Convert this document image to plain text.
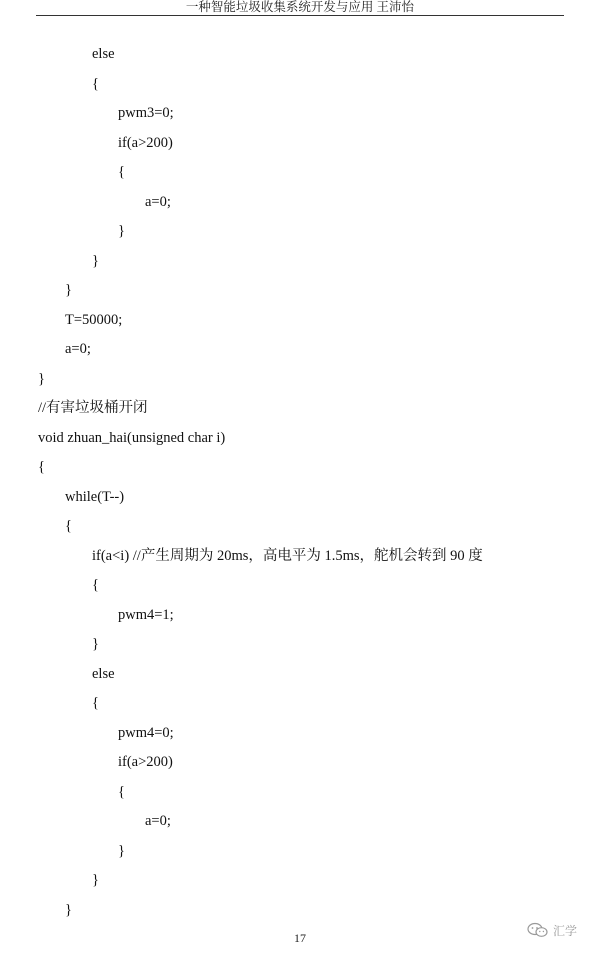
一种智能垃圾收集系统开发与应用 王沛怡
else
{
pwm3=0;
if(a>200)
{
a=0;
}
}
}
T=50000;
a=0;
}
//有害垃圾桶开闭
void zhuan_hai(unsigned char i)
{
while(T--)
{
if(a<i) //产生周期为 20ms，高电平为 1.5ms，舵机会转到 90 度
{
pwm4=1;
}
else
{
pwm4=0;
if(a>200)
{
a=0;
}
}
}
17
汇学
